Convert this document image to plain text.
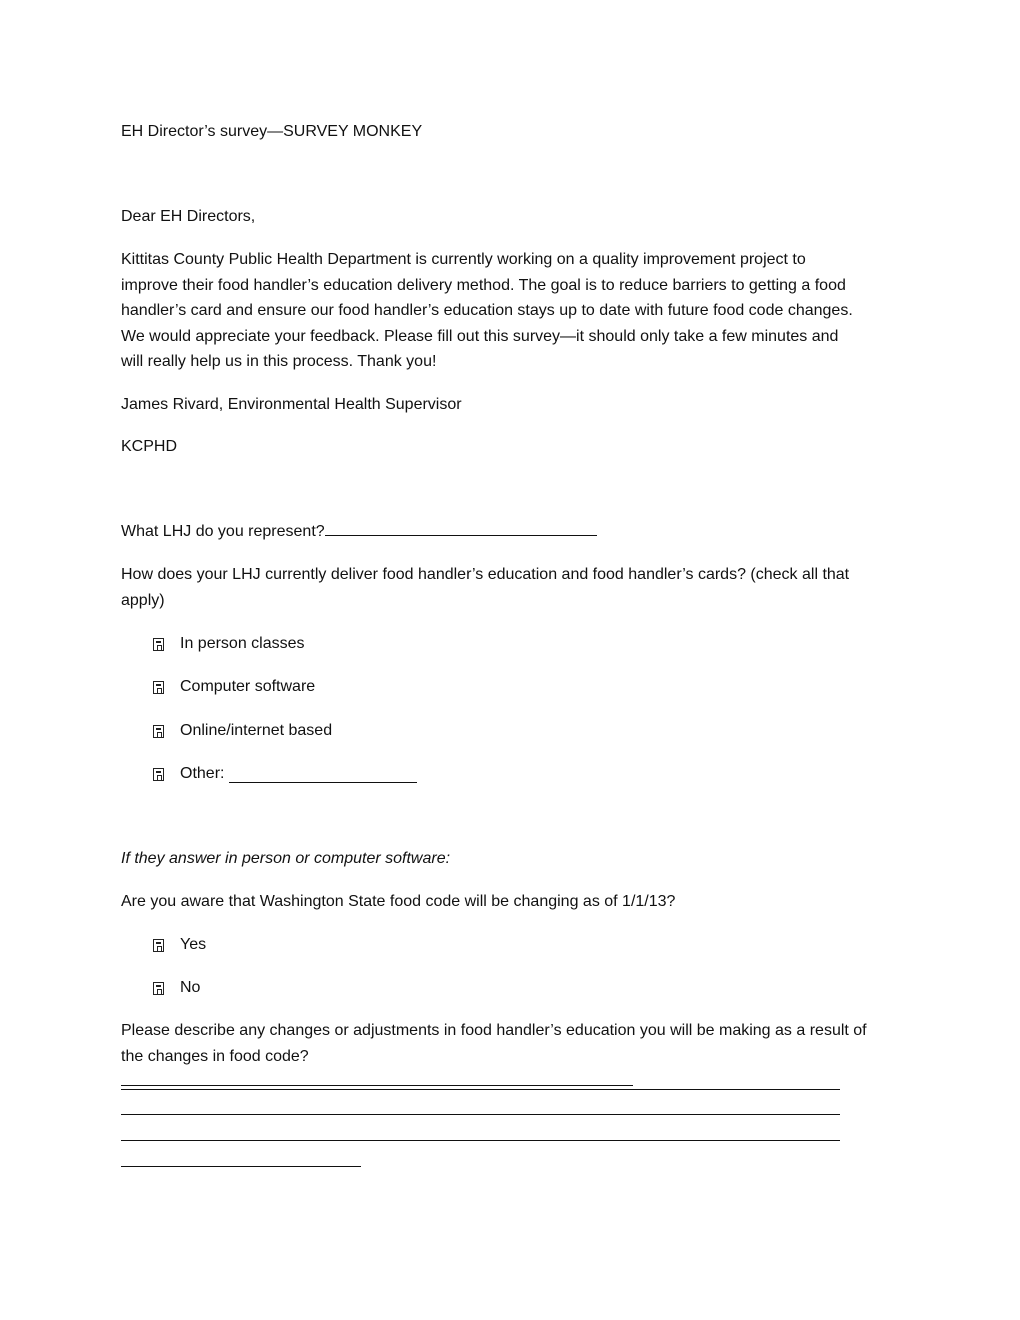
EH Director’s survey—SURVEY MONKEY

Dear EH Directors,

Kittitas County Public Health Department is currently working on a quality improvement project to
improve their food handler’s education delivery method. The goal is to reduce barriers to getting a food
handler’s card and ensure our food handler’s education stays up to date with future food code changes.
We would appreciate your feedback. Please fill out this survey—it should only take a few minutes and
will really help us in this process. Thank you!

James Rivard, Environmental Health Supervisor

KCPHD

What LHJ do you represent?

How does your LHJ currently deliver food handler’s education and food handler’s cards? (check all that
apply)
In person classes
Computer software
Online/internet based
Other:

If they answer in person or computer software:

Are you aware that Washington State food code will be changing as of 1/1/13?

Yes
No
Please describe any changes or adjustments in food handler’s education you will be making as a result of
the changes in food code?
